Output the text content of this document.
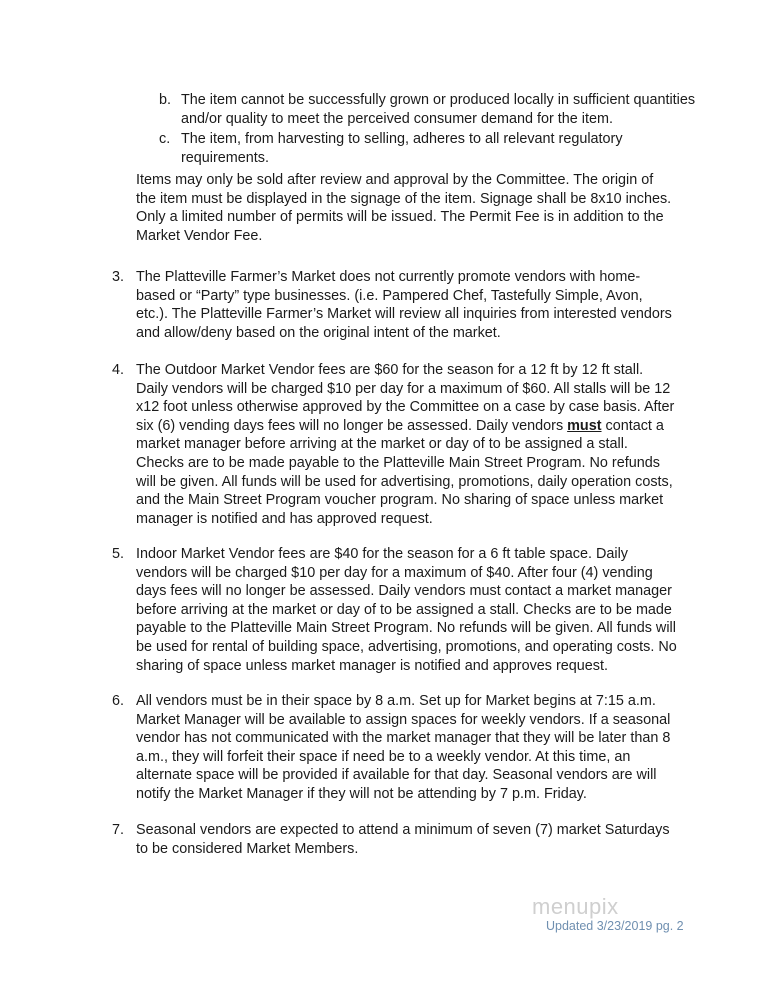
b. The item cannot be successfully grown or produced locally in sufficient quantities and/or quality to meet the perceived consumer demand for the item.
c. The item, from harvesting to selling, adheres to all relevant regulatory requirements.
Items may only be sold after review and approval by the Committee. The origin of the item must be displayed in the signage of the item. Signage shall be 8x10 inches. Only a limited number of permits will be issued. The Permit Fee is in addition to the Market Vendor Fee.
3. The Platteville Farmer’s Market does not currently promote vendors with home-based or “Party” type businesses. (i.e. Pampered Chef, Tastefully Simple, Avon, etc.). The Platteville Farmer’s Market will review all inquiries from interested vendors and allow/deny based on the original intent of the market.
4. The Outdoor Market Vendor fees are $60 for the season for a 12 ft by 12 ft stall. Daily vendors will be charged $10 per day for a maximum of $60. All stalls will be 12 x12 foot unless otherwise approved by the Committee on a case by case basis. After six (6) vending days fees will no longer be assessed. Daily vendors must contact a market manager before arriving at the market or day of to be assigned a stall. Checks are to be made payable to the Platteville Main Street Program. No refunds will be given. All funds will be used for advertising, promotions, daily operation costs, and the Main Street Program voucher program. No sharing of space unless market manager is notified and has approved request.
5. Indoor Market Vendor fees are $40 for the season for a 6 ft table space. Daily vendors will be charged $10 per day for a maximum of $40. After four (4) vending days fees will no longer be assessed. Daily vendors must contact a market manager before arriving at the market or day of to be assigned a stall. Checks are to be made payable to the Platteville Main Street Program. No refunds will be given. All funds will be used for rental of building space, advertising, promotions, and operating costs. No sharing of space unless market manager is notified and approves request.
6. All vendors must be in their space by 8 a.m. Set up for Market begins at 7:15 a.m. Market Manager will be available to assign spaces for weekly vendors. If a seasonal vendor has not communicated with the market manager that they will be later than 8 a.m., they will forfeit their space if need be to a weekly vendor. At this time, an alternate space will be provided if available for that day. Seasonal vendors are will notify the Market Manager if they will not be attending by 7 p.m. Friday.
7. Seasonal vendors are expected to attend a minimum of seven (7) market Saturdays to be considered Market Members.
menupix
Updated 3/23/2019 pg. 2
